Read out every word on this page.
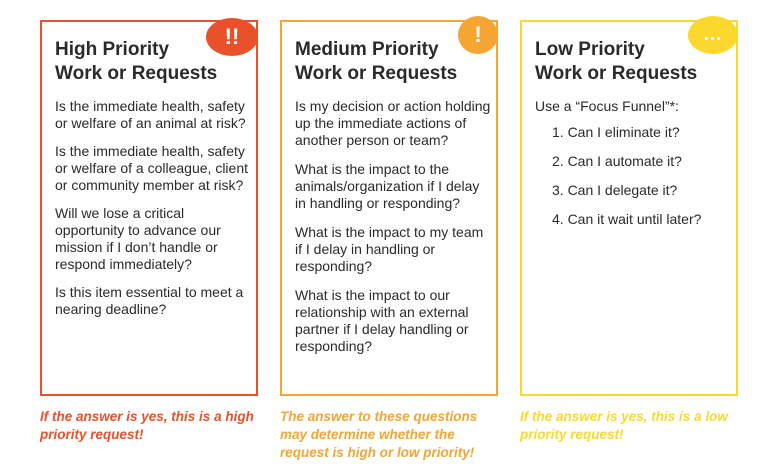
!!
High Priority
Work or Requests
Is the immediate health, safety or welfare of an animal at risk?
Is the immediate health, safety or welfare of a colleague, client or community member at risk?
Will we lose a critical opportunity to advance our mission if I don’t handle or respond immediately?
Is this item essential to meet a nearing deadline?
!
Medium Priority
Work or Requests
Is my decision or action holding up the immediate actions of another person or team?
What is the impact to the animals/organization if I delay in handling or responding?
What is the impact to my team if I delay in handling or responding?
What is the impact to our relationship with an external partner if I delay handling or responding?
...
Low Priority
Work or Requests

Use a “Focus Funnel”*:

1. Can I eliminate it?
2. Can I automate it?
3. Can I delegate it?
4. Can it wait until later?

If the answer is yes, this is a high priority request!

The answer to these questions may determine whether the request is high or low priority!

If the answer is yes, this is a low priority request!
